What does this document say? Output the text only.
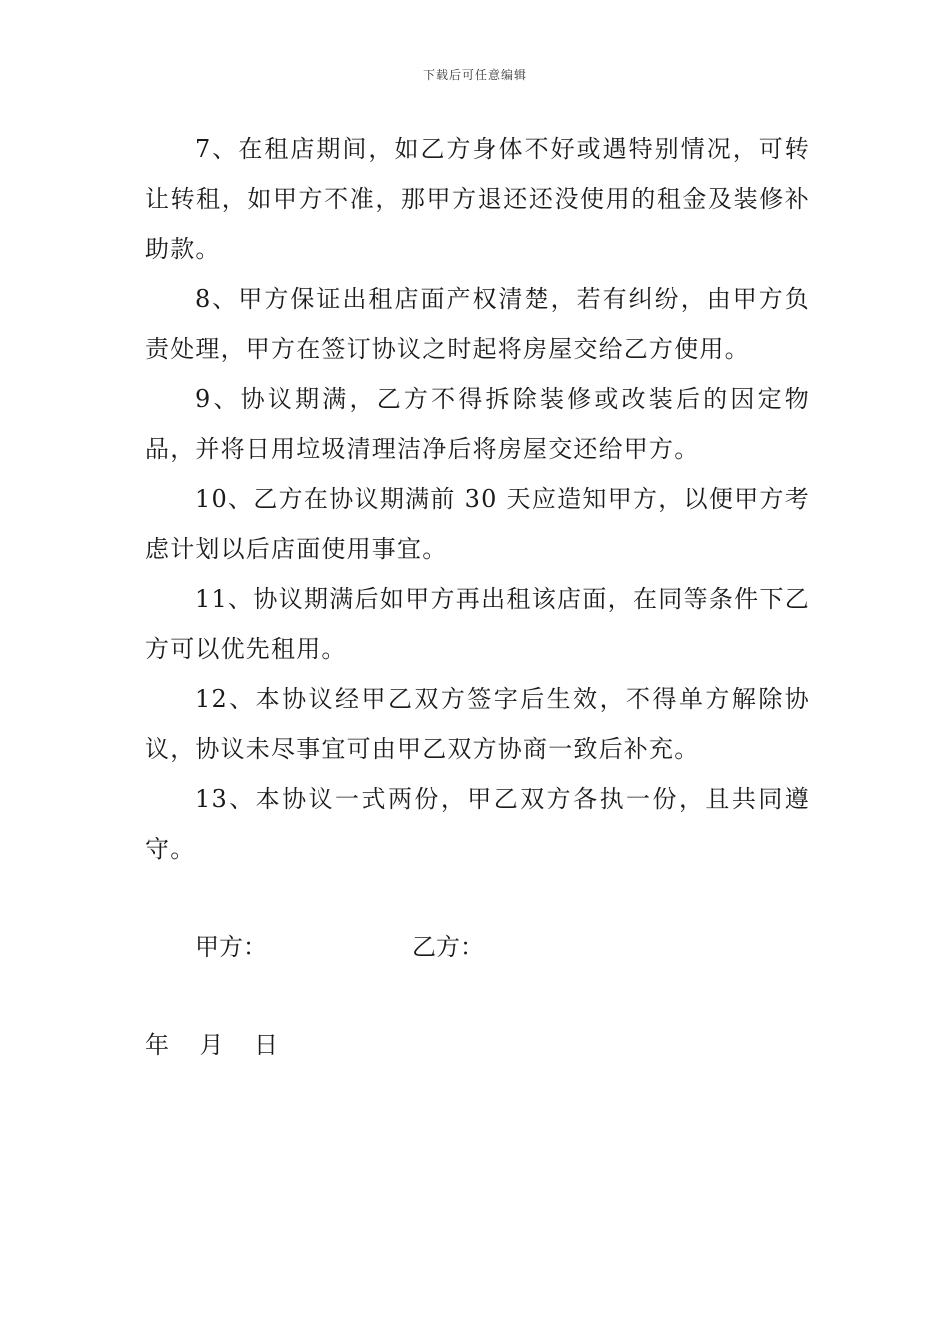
下载后可任意编辑

7、在租店期间，如乙方身体不好或遇特别情况，可转让转租，如甲方不准，那甲方退还还没使用的租金及装修补助款。

8、甲方保证出租店面产权清楚，若有纠纷，由甲方负责处理，甲方在签订协议之时起将房屋交给乙方使用。

9、协议期满，乙方不得拆除装修或改装后的因定物品，并将日用垃圾清理洁净后将房屋交还给甲方。

10、乙方在协议期满前 30 天应造知甲方，以便甲方考虑计划以后店面使用事宜。

11、协议期满后如甲方再出租该店面，在同等条件下乙方可以优先租用。

12、本协议经甲乙双方签字后生效，不得单方解除协议，协议未尽事宜可由甲乙双方协商一致后补充。

13、本协议一式两份，甲乙双方各执一份，且共同遵守。

甲方：	乙方：
年    月    日
